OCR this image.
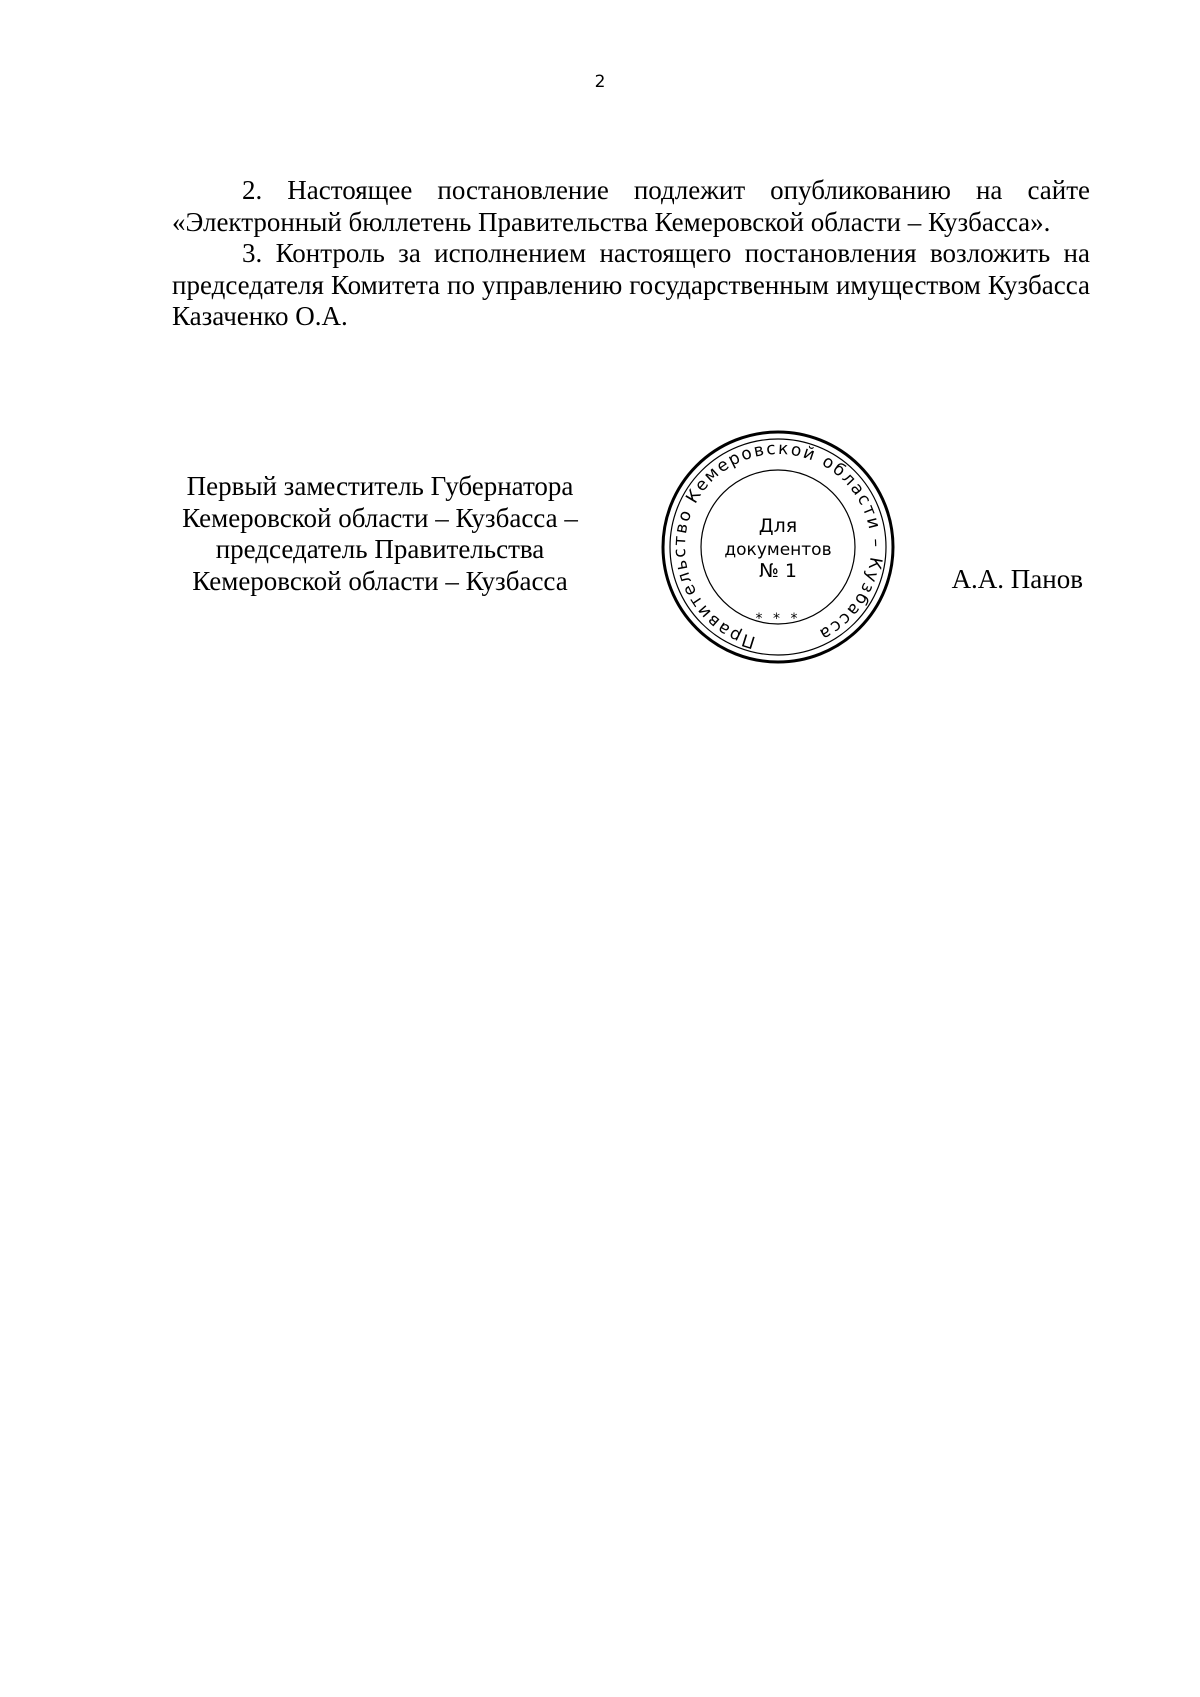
2

2. Настоящее постановление подлежит опубликованию на сайте «Электронный бюллетень Правительства Кемеровской области – Кузбасса».

3. Контроль за исполнением настоящего постановления возложить на председателя Комитета по управлению государственным имуществом Кузбасса Казаченко О.А.

Первый заместитель Губернатора
Кемеровской области – Кузбасса –
председатель Правительства
Кемеровской области – Кузбасса
Правительство Кемеровской области – Кузбасса
* * *
Для
документов
№ 1	А.А. Панов
